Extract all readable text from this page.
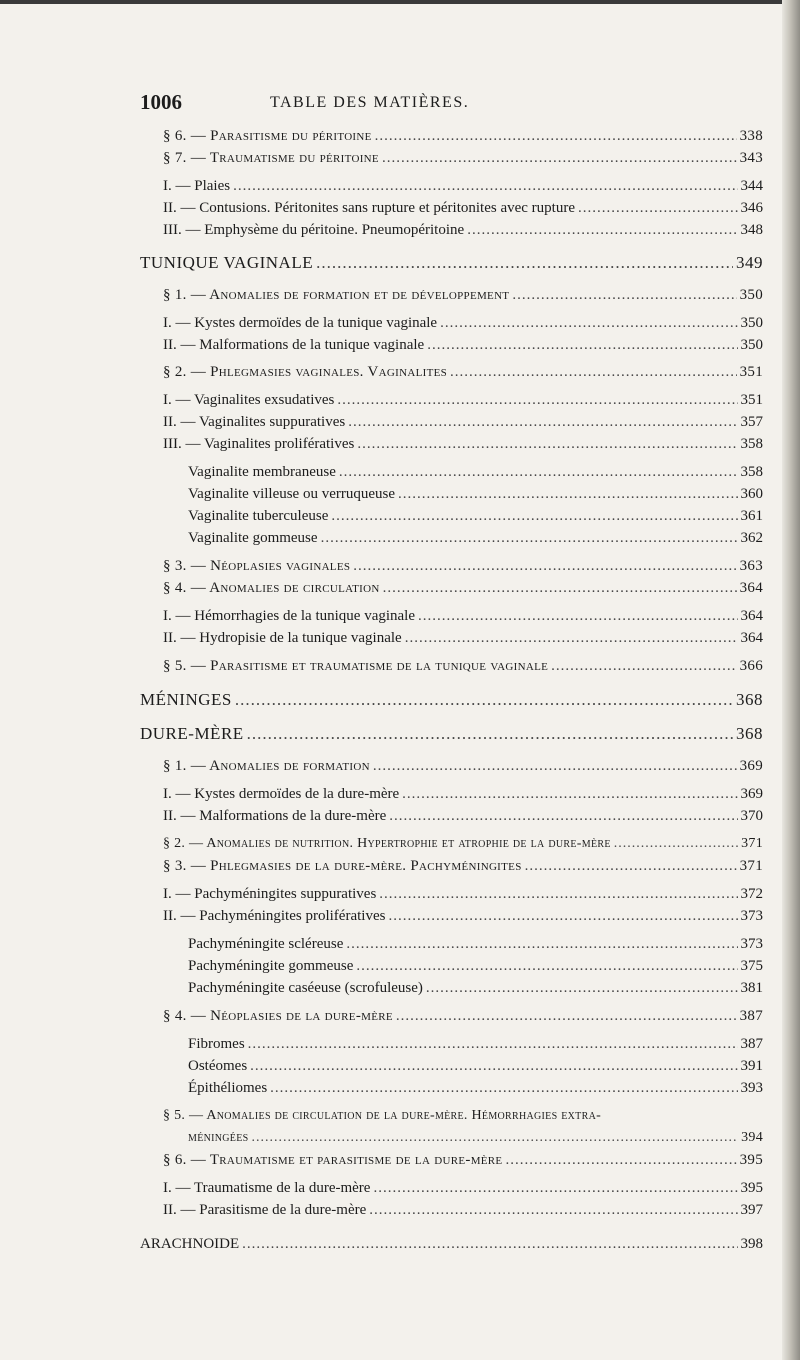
1006	TABLE DES MATIÈRES.
§ 6. — Parasitisme du péritoine .....	338
§ 7. — Traumatisme du péritoine .....	343
I. — Plaies .....	344
II. — Contusions. Péritonites sans rupture et péritonites avec rupture .....	346
III. — Emphysème du péritoine. Pneumopéritoine .....	348
TUNIQUE VAGINALE .....	349
§ 1. — Anomalies de formation et de développement .....	350
I. — Kystes dermoïdes de la tunique vaginale .....	350
II. — Malformations de la tunique vaginale .....	350
§ 2. — Phlegmasies vaginales. Vaginalites .....	351
I. — Vaginalites exsudatives .....	351
II. — Vaginalites suppuratives .....	357
III. — Vaginalites prolifératives .....	358
Vaginalite membraneuse .....	358
Vaginalite villeuse ou verruqueuse .....	360
Vaginalite tuberculeuse .....	361
Vaginalite gommeuse .....	362
§ 3. — Néoplasies vaginales .....	363
§ 4. — Anomalies de circulation .....	364
I. — Hémorrhagies de la tunique vaginale .....	364
II. — Hydropisie de la tunique vaginale .....	364
§ 5. — Parasitisme et traumatisme de la tunique vaginale .....	366
MÉNINGES .....	368
DURE-MÈRE .....	368
§ 1. — Anomalies de formation .....	369
I. — Kystes dermoïdes de la dure-mère .....	369
II. — Malformations de la dure-mère .....	370
§ 2. — Anomalies de nutrition. Hypertrophie et atrophie de la dure-mère .....	371
§ 3. — Phlegmasies de la dure-mère. Pachyméningites .....	371
I. — Pachyméningites suppuratives .....	372
II. — Pachyméningites prolifératives .....	373
Pachyméningite scléreuse .....	373
Pachyméningite gommeuse .....	375
Pachyméningite caséeuse (scrofuleuse) .....	381
§ 4. — Néoplasies de la dure-mère .....	387
Fibromes .....	387
Ostéomes .....	391
Épithéliomes .....	393
§ 5. — Anomalies de circulation de la dure-mère. Hémorrhagies extra-
méningées .....	394
§ 6. — Traumatisme et parasitisme de la dure-mère .....	395
I. — Traumatisme de la dure-mère .....	395
II. — Parasitisme de la dure-mère .....	397
ARACHNOIDE .....	398
